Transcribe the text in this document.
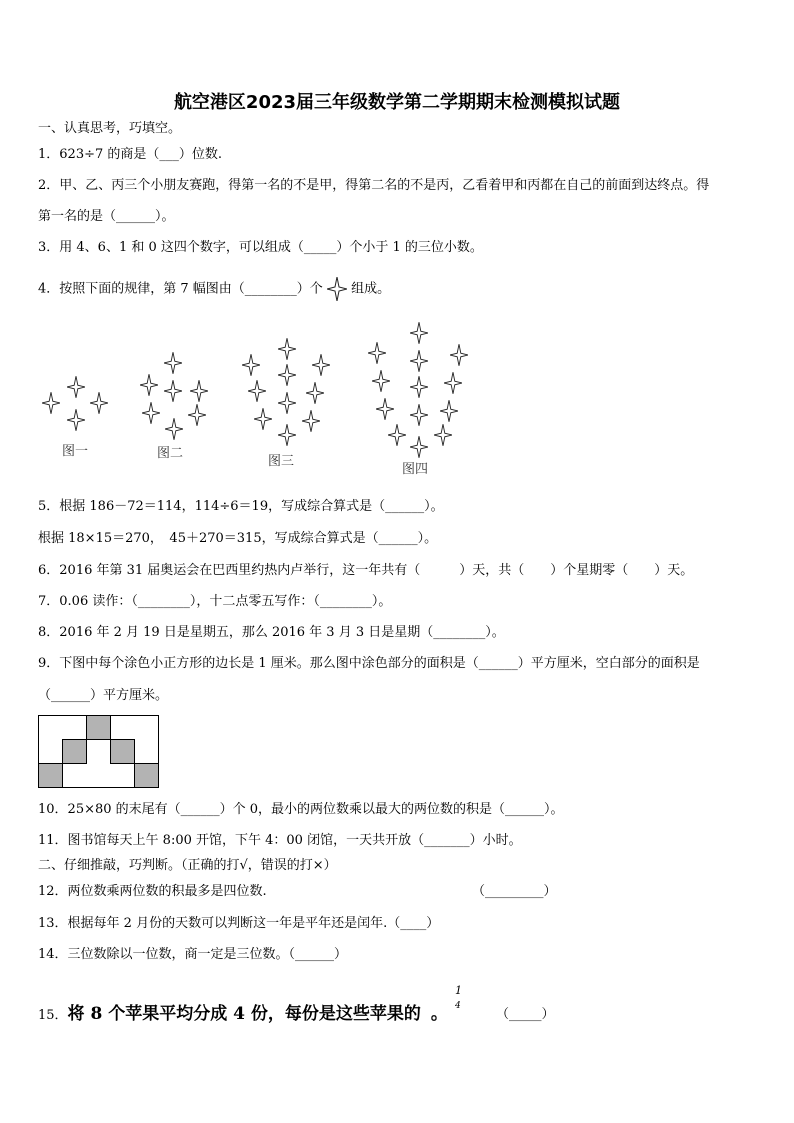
航空港区2023届三年级数学第二学期期末检测模拟试题
一、认真思考，巧填空。
1．623÷7 的商是（___）位数.
2．甲、乙、丙三个小朋友赛跑，得第一名的不是甲，得第二名的不是丙，乙看着甲和丙都在自己的前面到达终点。得
第一名的是（______）。
3．用 4、6、1 和 0 这四个数字，可以组成（_____）个小于 1 的三位小数。
4．按照下面的规律，第 7 幅图由（________）个 组成。
图一	图二
图三
图四
5．根据 186－72＝114，114÷6＝19，写成综合算式是（______）。
根据 18×15＝270，　45＋270＝315，写成综合算式是（______）。
6．2016 年第 31 届奥运会在巴西里约热内卢举行，这一年共有（　　　）天，共（　　）个星期零（　　）天。
7．0.06 读作：（________），十二点零五写作：（________）。
8．2016 年 2 月 19 日是星期五，那么 2016 年 3 月 3 日是星期（________）。
9．下图中每个涂色小正方形的边长是 1 厘米。那么图中涂色部分的面积是（______）平方厘米，空白部分的面积是
（______）平方厘米。
10．25×80 的末尾有（______）个 0，最小的两位数乘以最大的两位数的积是（______）。
11．图书馆每天上午 8:00 开馆，下午 4：00 闭馆，一天共开放（_______）小时。
二、仔细推敲，巧判断。（正确的打√，错误的打×）
12．两位数乘两位数的积最多是四位数.	（_________）
13．根据每年 2 月份的天数可以判断这一年是平年还是闰年.（____）
14．三位数除以一位数，商一定是三位数。（______）
15．将 8 个苹果平均分成 4 份，每份是这些苹果的 。
1
4
（_____）
